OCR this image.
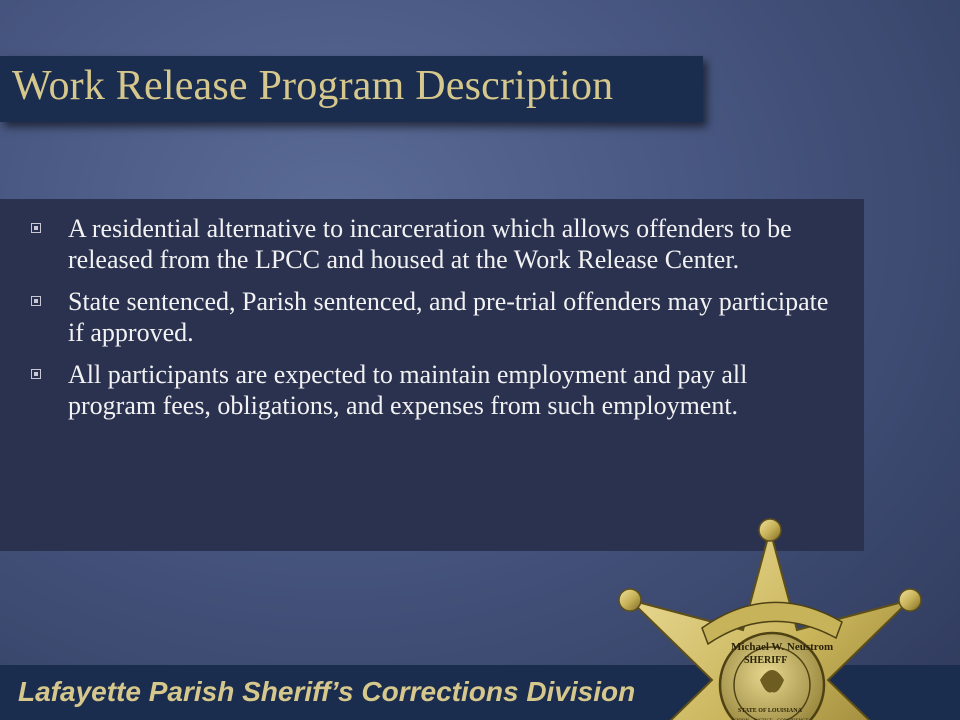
Work Release Program Description
A residential alternative to incarceration which allows offenders to be released from the LPCC and housed at the Work Release Center.
State sentenced, Parish sentenced, and pre-trial offenders may participate if approved.
All participants are expected to maintain employment and pay all program fees, obligations, and expenses from such employment.
Lafayette Parish Sheriff’s Corrections Division
Michael W. Neustrom
SHERIFF
STATE OF LOUISIANA
